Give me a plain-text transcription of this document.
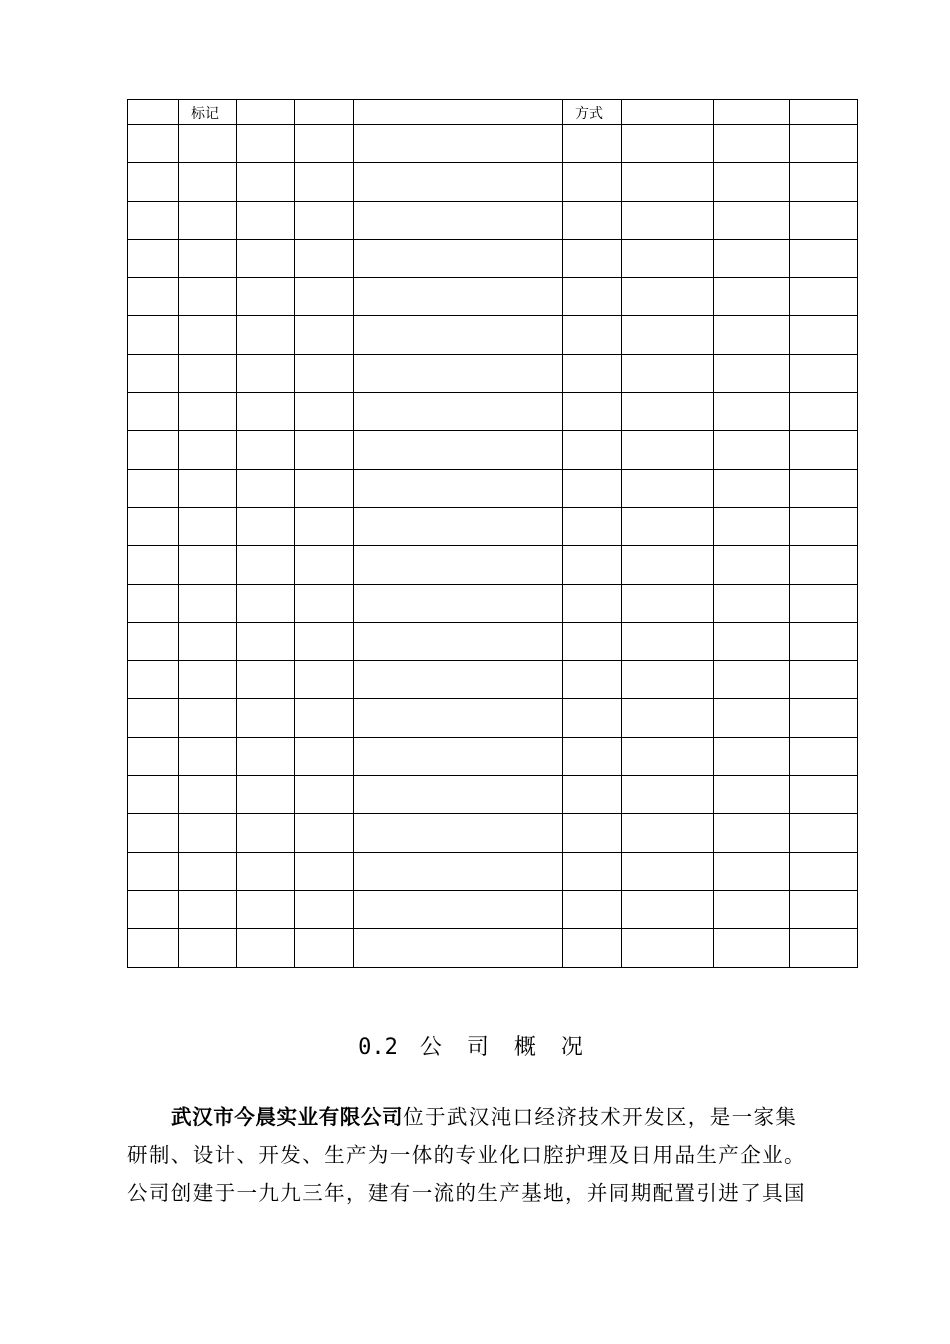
	标记				方式			

0.2 公 司 概 况

武汉市今晨实业有限公司位于武汉沌口经济技术开发区，是一家集

研制、设计、开发、生产为一体的专业化口腔护理及日用品生产企业。

公司创建于一九九三年，建有一流的生产基地，并同期配置引进了具国
